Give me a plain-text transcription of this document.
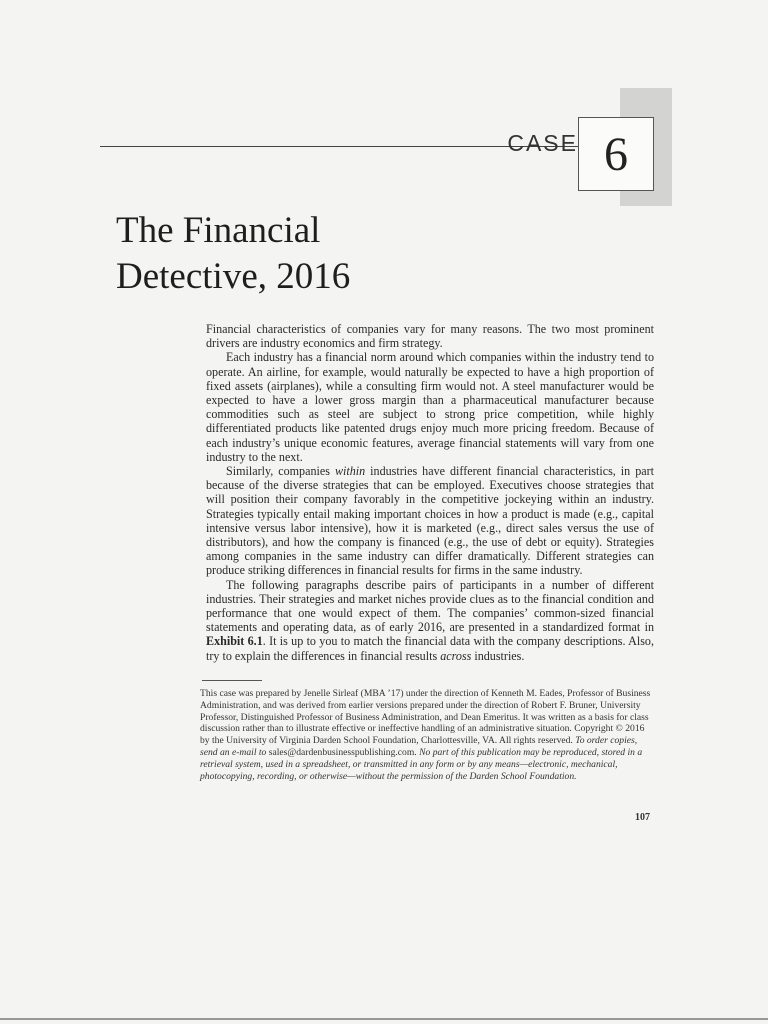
CASE 6
The Financial
Detective, 2016

Financial characteristics of companies vary for many reasons. The two most prominent drivers are industry economics and firm strategy.

Each industry has a financial norm around which companies within the industry tend to operate. An airline, for example, would naturally be expected to have a high proportion of fixed assets (airplanes), while a consulting firm would not. A steel manufacturer would be expected to have a lower gross margin than a pharmaceutical manufacturer because commodities such as steel are subject to strong price competition, while highly differentiated products like patented drugs enjoy much more pricing freedom. Because of each industry’s unique economic features, average financial statements will vary from one industry to the next.

Similarly, companies within industries have different financial characteristics, in part because of the diverse strategies that can be employed. Executives choose strategies that will position their company favorably in the competitive jockeying within an industry. Strategies typically entail making important choices in how a product is made (e.g., capital intensive versus labor intensive), how it is marketed (e.g., direct sales versus the use of distributors), and how the company is financed (e.g., the use of debt or equity). Strategies among companies in the same industry can differ dramatically. Different strategies can produce striking differences in financial results for firms in the same industry.

The following paragraphs describe pairs of participants in a number of different industries. Their strategies and market niches provide clues as to the financial condition and performance that one would expect of them. The companies’ common-sized financial statements and operating data, as of early 2016, are presented in a standardized format in Exhibit 6.1. It is up to you to match the financial data with the company descriptions. Also, try to explain the differences in financial results across industries.

This case was prepared by Jenelle Sirleaf (MBA ’17) under the direction of Kenneth M. Eades, Professor of Business Administration, and was derived from earlier versions prepared under the direction of Robert F. Bruner, University Professor, Distinguished Professor of Business Administration, and Dean Emeritus. It was written as a basis for class discussion rather than to illustrate effective or ineffective handling of an administrative situation. Copyright © 2016 by the University of Virginia Darden School Foundation, Charlottesville, VA. All rights reserved. To order copies, send an e-mail to sales@dardenbusinesspublishing.com. No part of this publication may be reproduced, stored in a retrieval system, used in a spreadsheet, or transmitted in any form or by any means—electronic, mechanical, photocopying, recording, or otherwise—without the permission of the Darden School Foundation.
107
